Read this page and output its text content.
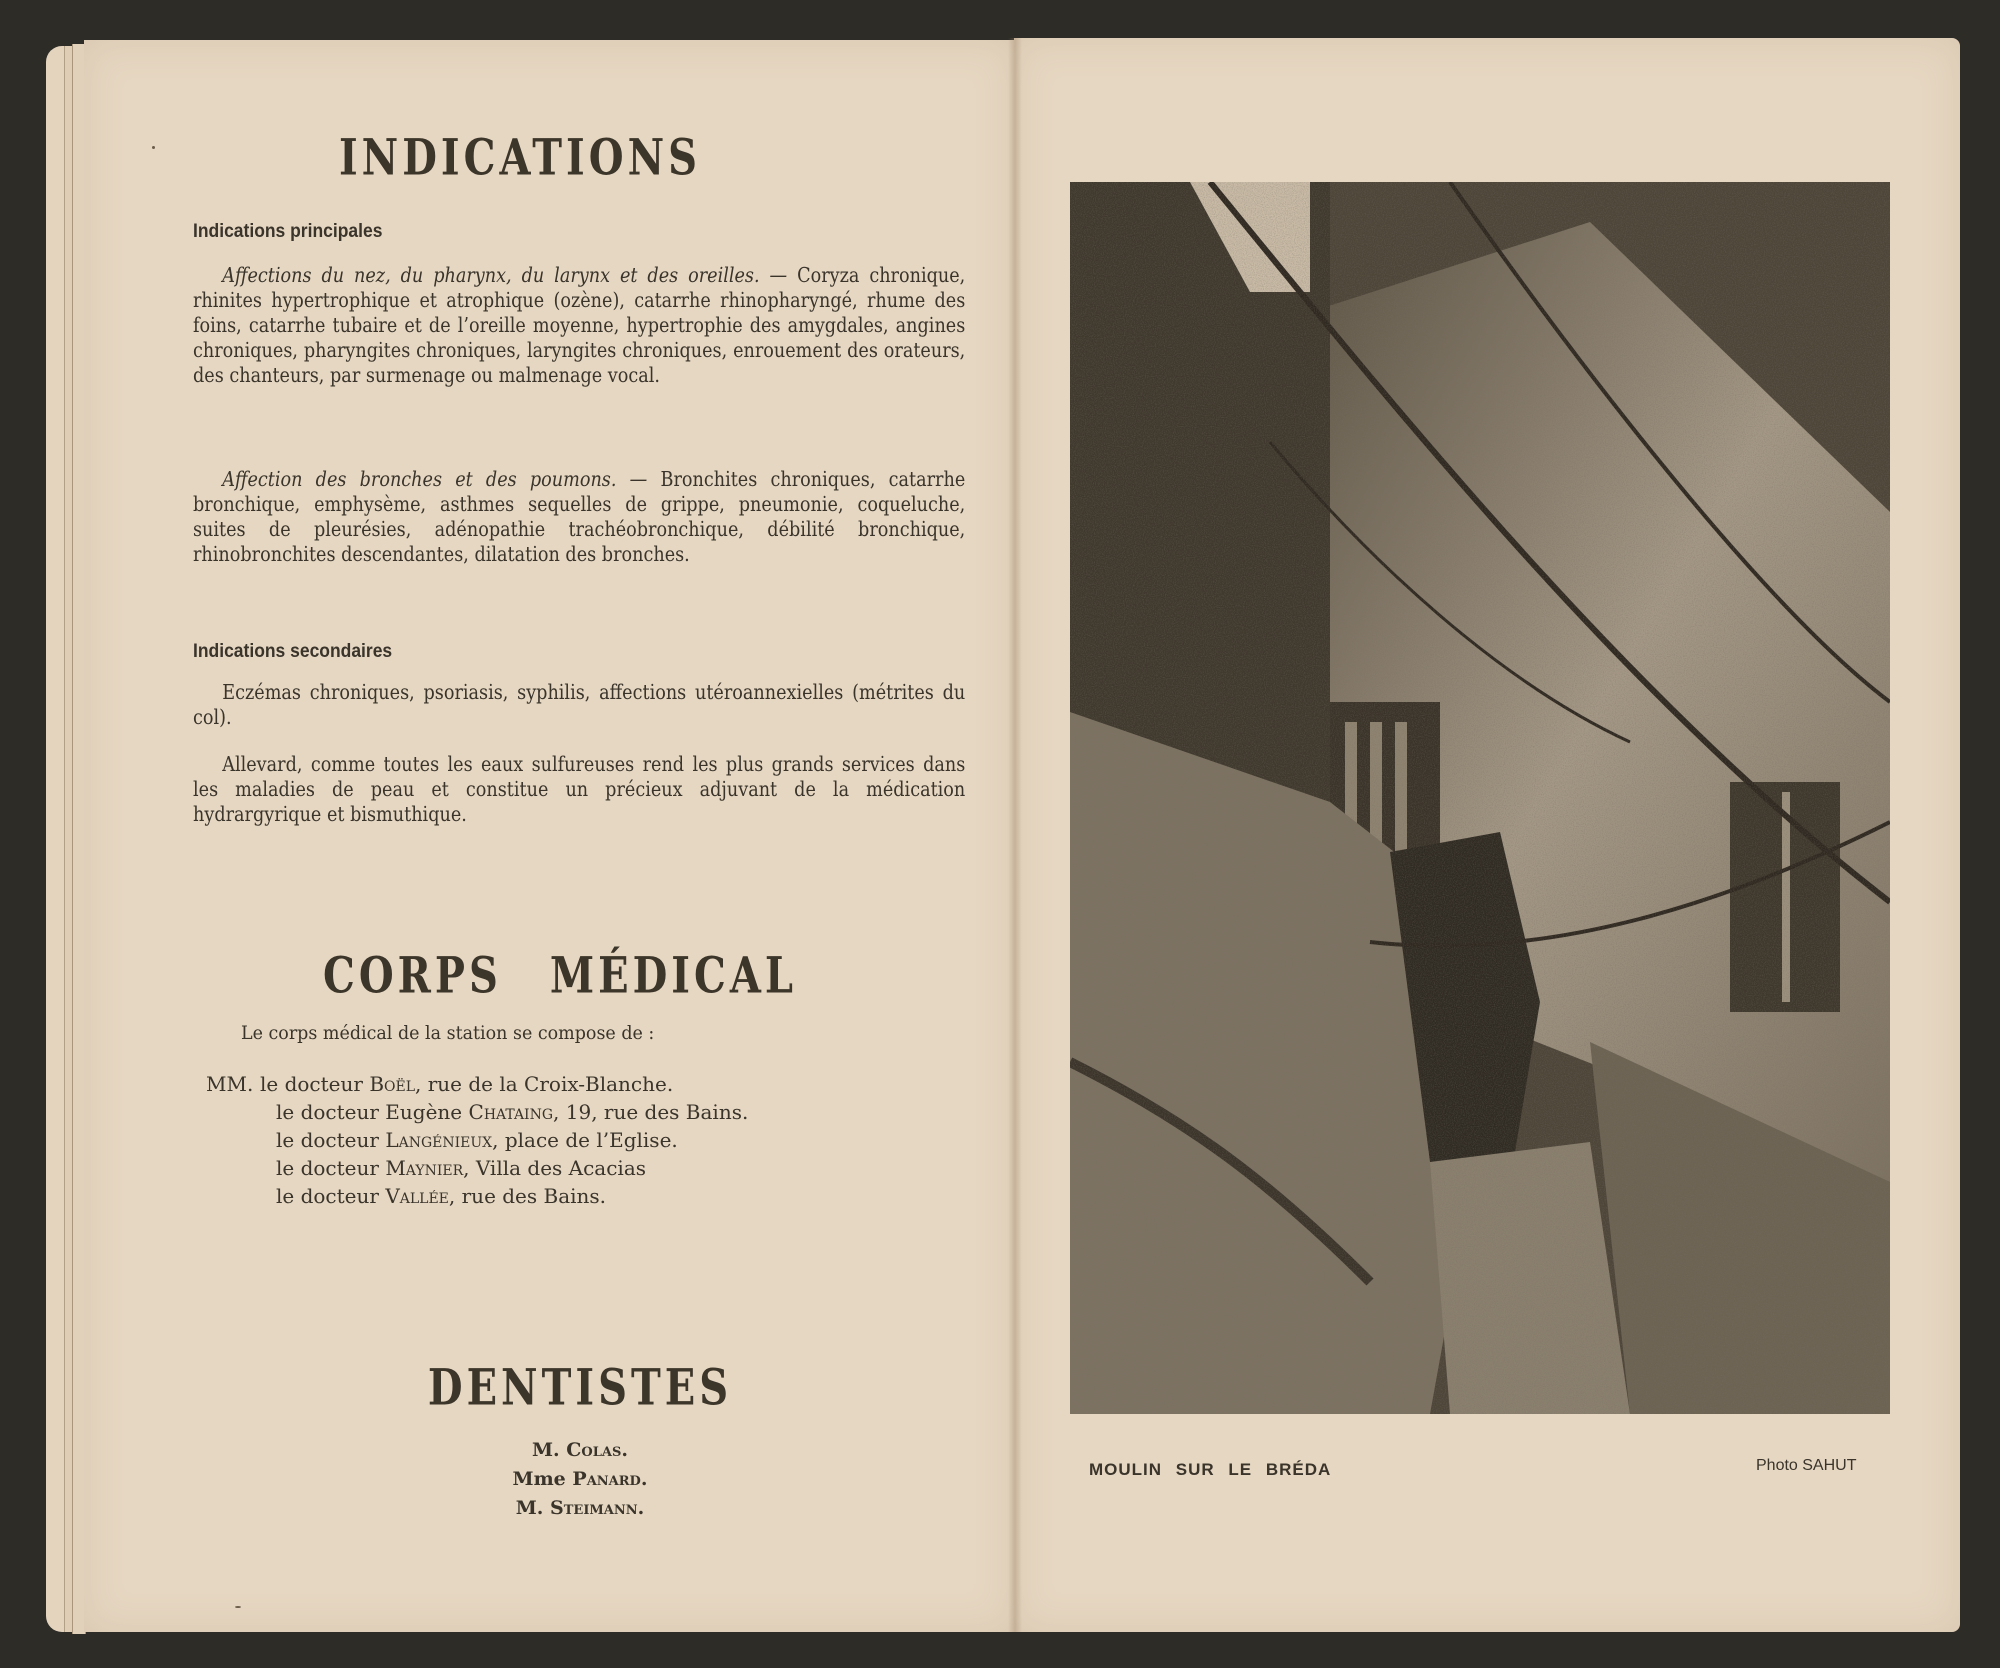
INDICATIONS
Indications principales
Affections du nez, du pharynx, du larynx et des oreilles. — Coryza chronique, rhinites hypertrophique et atrophique (ozène), catarrhe rhinopharyngé, rhume des foins, catarrhe tubaire et de l’oreille moyenne, hypertrophie des amygdales, angines chroniques, pharyngites chroniques, laryngites chroniques, enrouement des orateurs, des chanteurs, par surmenage ou malmenage vocal.
Affection des bronches et des poumons. — Bronchites chroniques, catarrhe bronchique, emphysème, asthmes sequelles de grippe, pneumonie, coqueluche, suites de pleurésies, adénopathie trachéobronchique, débilité bronchique, rhinobronchites descendantes, dilatation des bronches.
Indications secondaires
Eczémas chroniques, psoriasis, syphilis, affections utéroannexielles (métrites du col).
Allevard, comme toutes les eaux sulfureuses rend les plus grands services dans les maladies de peau et constitue un précieux adjuvant de la médication hydrargyrique et bismuthique.
CORPS MÉDICAL
Le corps médical de la station se compose de :
MM. le docteur Boël, rue de la Croix-Blanche.
le docteur Eugène Chataing, 19, rue des Bains.
le docteur Langénieux, place de l’Eglise.
le docteur Maynier, Villa des Acacias
le docteur Vallée, rue des Bains.
DENTISTES
M. Colas.
Mme Panard.
M. Steimann.
MOULIN SUR LE BRÉDA	Photo SAHUT
